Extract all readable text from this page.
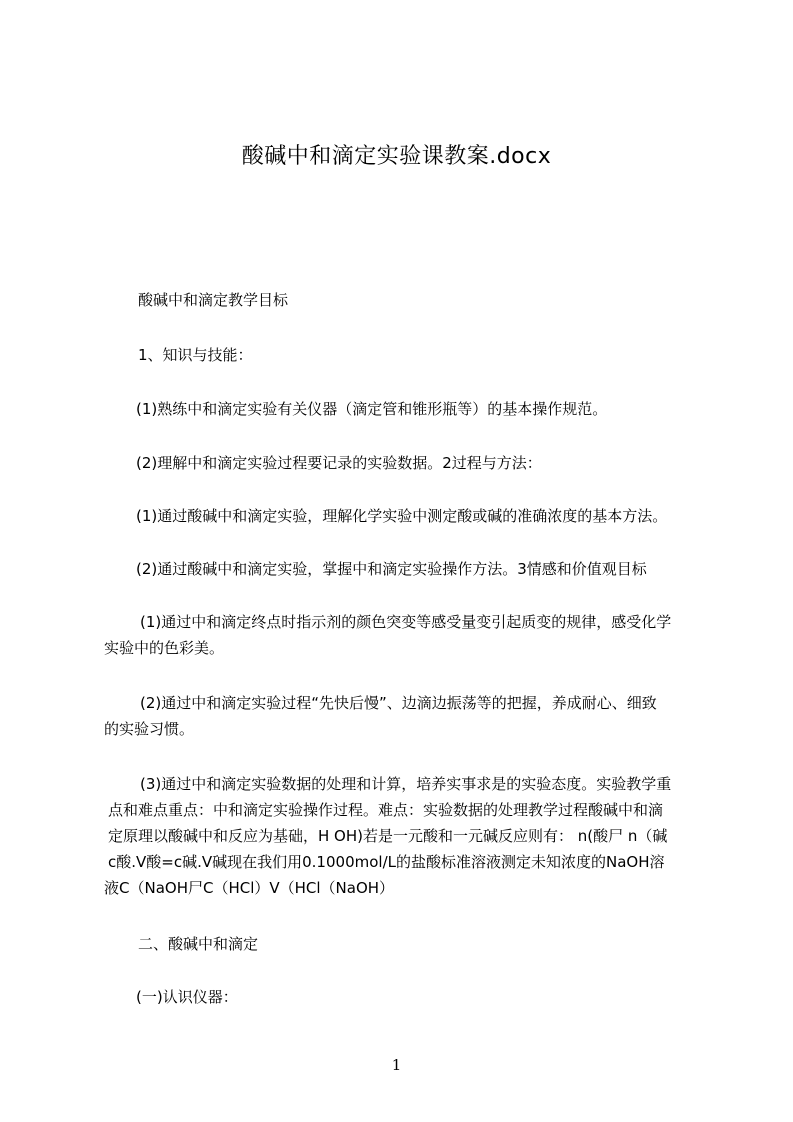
酸碱中和滴定实验课教案.docx
酸碱中和滴定教学目标
1、知识与技能：
(1)熟练中和滴定实验有关仪器（滴定管和锥形瓶等）的基本操作规范。
(2)理解中和滴定实验过程要记录的实验数据。2过程与方法：
(1)通过酸碱中和滴定实验，理解化学实验中测定酸或碱的准确浓度的基本方法。
(2)通过酸碱中和滴定实验，掌握中和滴定实验操作方法。3情感和价值观目标
(1)通过中和滴定终点时指示剂的颜色突变等感受量变引起质变的规律，感受化学
实验中的色彩美。
(2)通过中和滴定实验过程“先快后慢”、边滴边振荡等的把握，养成耐心、细致
的实验习惯。
(3)通过中和滴定实验数据的处理和计算，培养实事求是的实验态度。实验教学重
点和难点重点：中和滴定实验操作过程。难点：实验数据的处理教学过程酸碱中和滴
定原理以酸碱中和反应为基础，H OH)若是一元酸和一元碱反应则有： n(酸尸 n（碱
c酸.V酸=c碱.V碱现在我们用0.1000mol/L的盐酸标准溶液测定未知浓度的NaOH溶
液C（NaOH尸C（HCl）V（HCl（NaOH）
二、酸碱中和滴定
(一)认识仪器：
1
